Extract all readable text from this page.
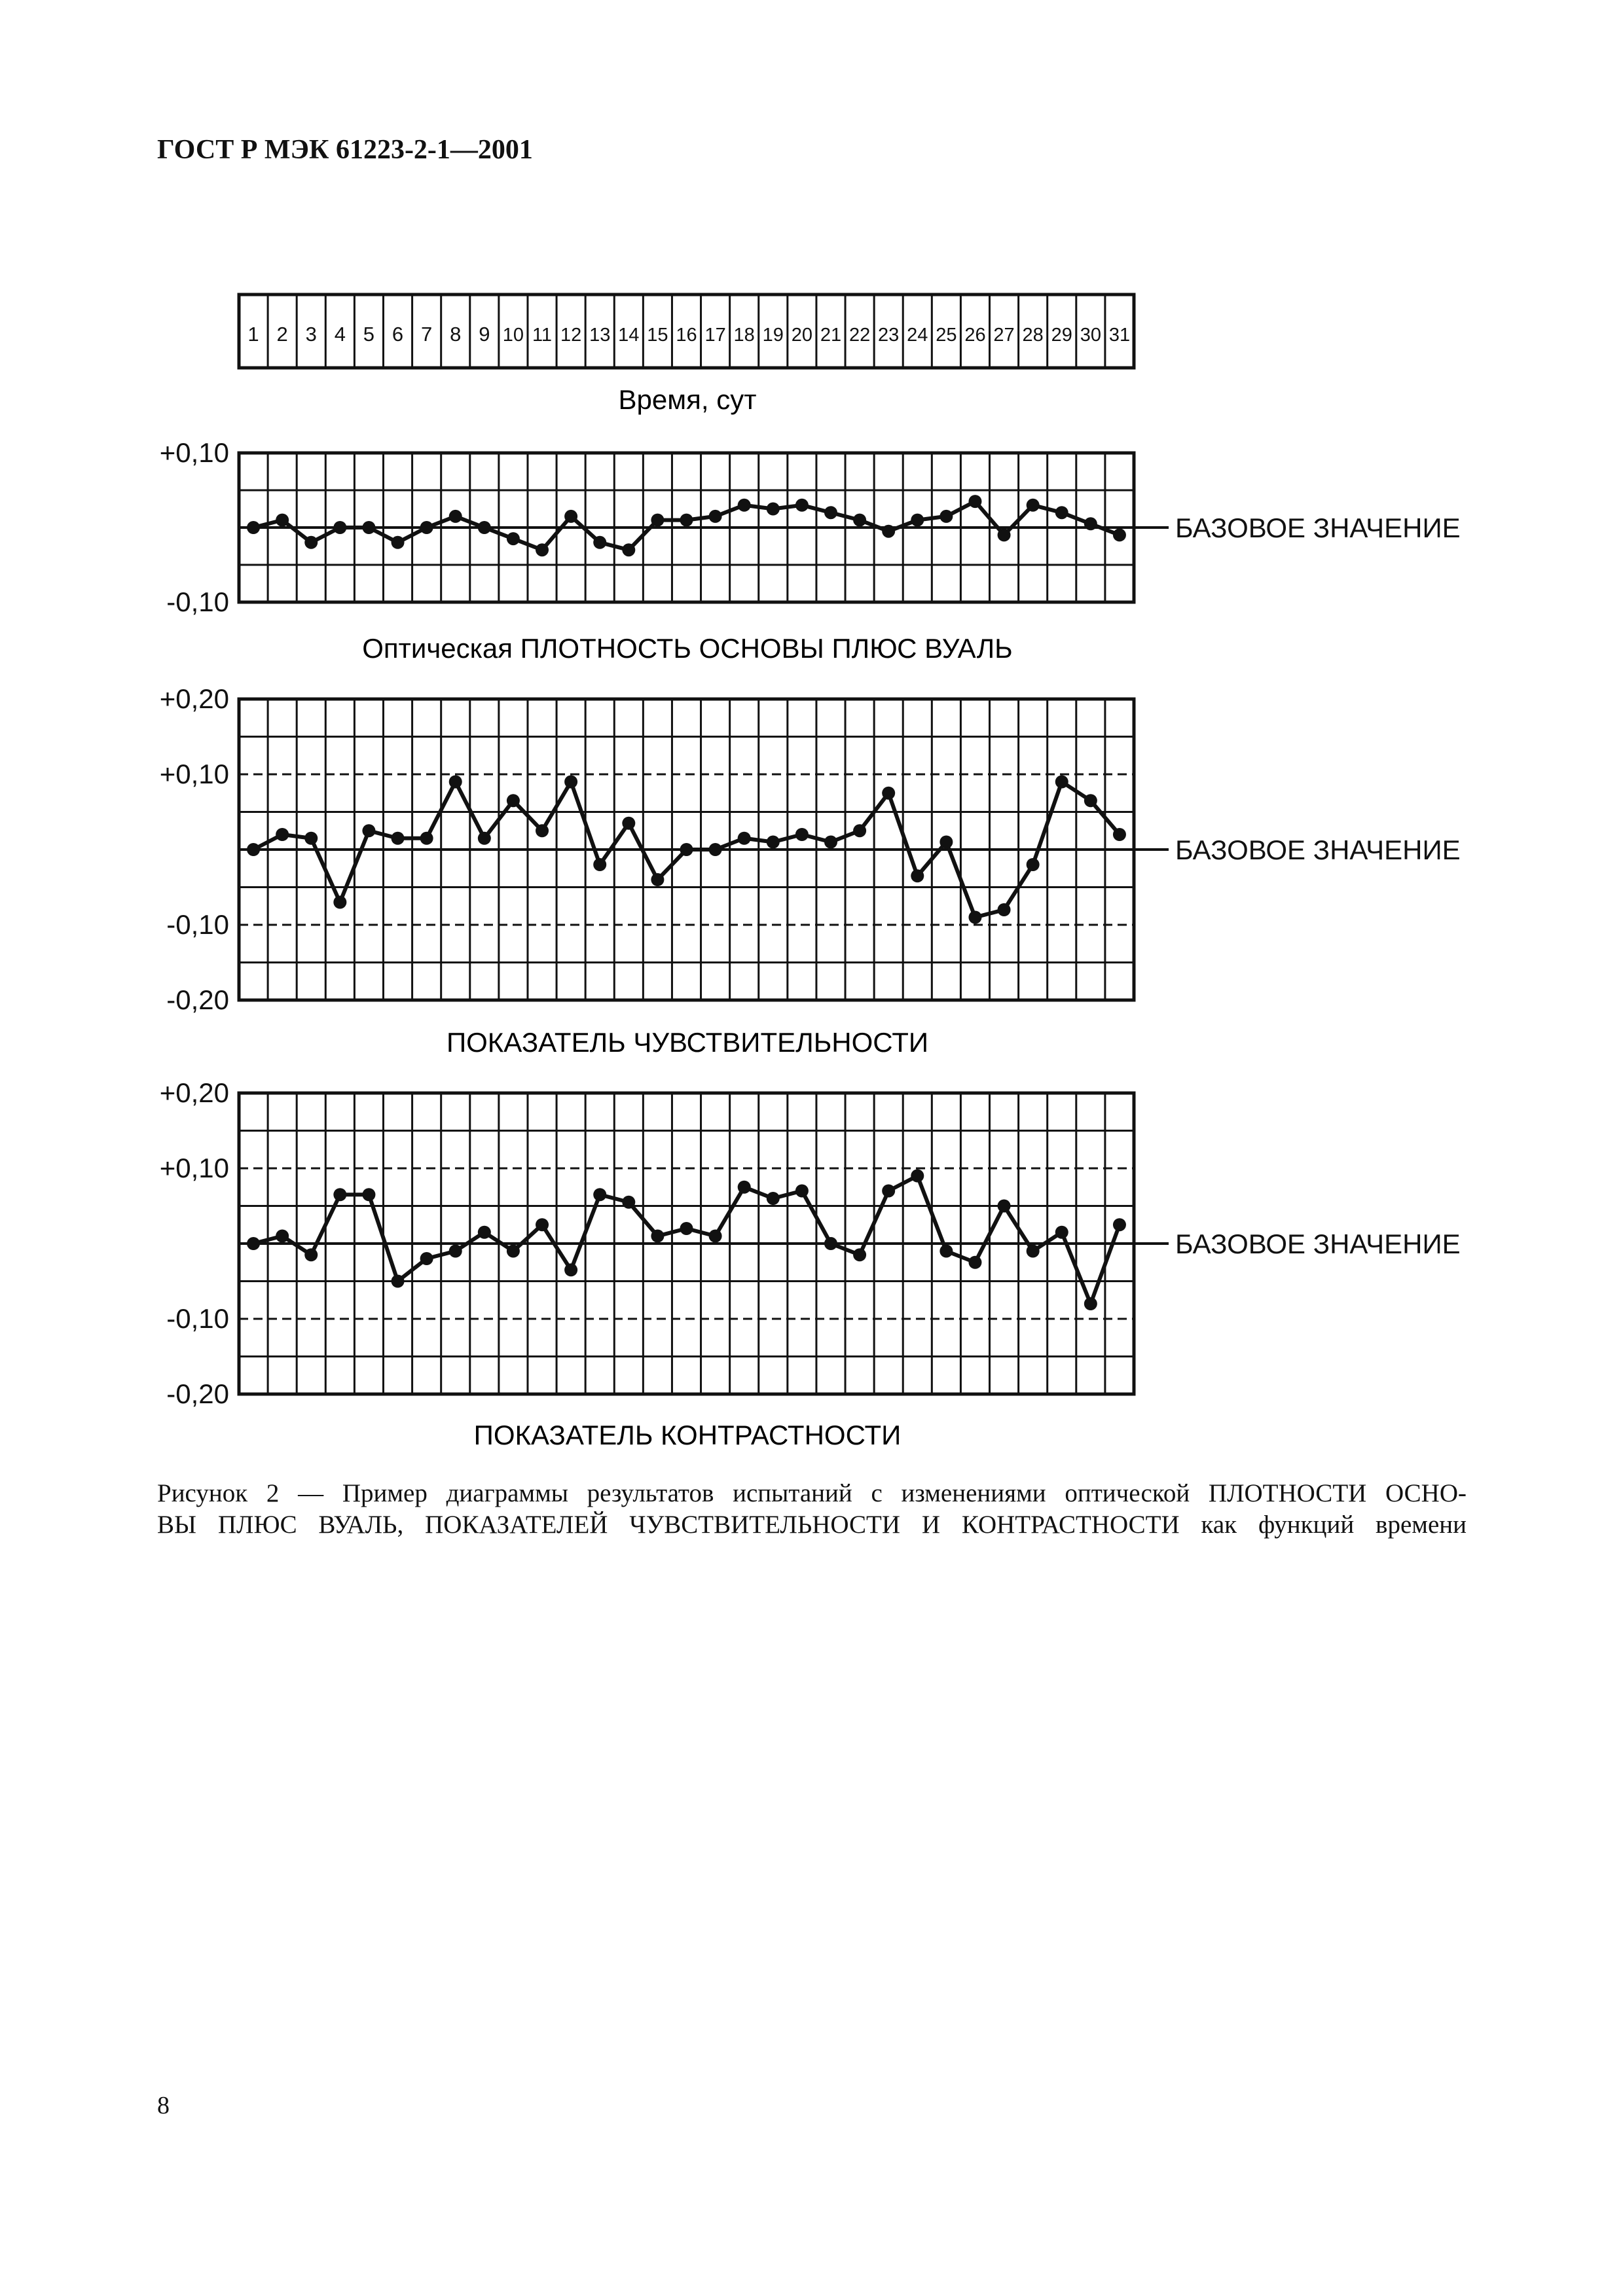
ГОСТ Р МЭК 61223-2-1—2001
1 2 3 4 5 6 7 8 9 10 11 12 13 14 15 16 17 18 19 20 21 22 23 24 25 26 27 28 29 30 31
Время, сут
БАЗОВОЕ ЗНАЧЕНИЕ
+0,10
-0,10
Оптическая ПЛОТНОСТЬ ОСНОВЫ ПЛЮС ВУАЛЬ
БАЗОВОЕ ЗНАЧЕНИЕ
+0,20
+0,10
-0,10
-0,20
ПОКАЗАТЕЛЬ ЧУВСТВИТЕЛЬНОСТИ
БАЗОВОЕ ЗНАЧЕНИЕ
+0,20
+0,10
-0,10
-0,20
ПОКАЗАТЕЛЬ КОНТРАСТНОСТИ
Рисунок 2 — Пример диаграммы результатов испытаний с изменениями оптической ПЛОТНОСТИ ОСНО-
ВЫ ПЛЮС ВУАЛЬ, ПОКАЗАТЕЛЕЙ ЧУВСТВИТЕЛЬНОСТИ И КОНТРАСТНОСТИ как функций времени
8
